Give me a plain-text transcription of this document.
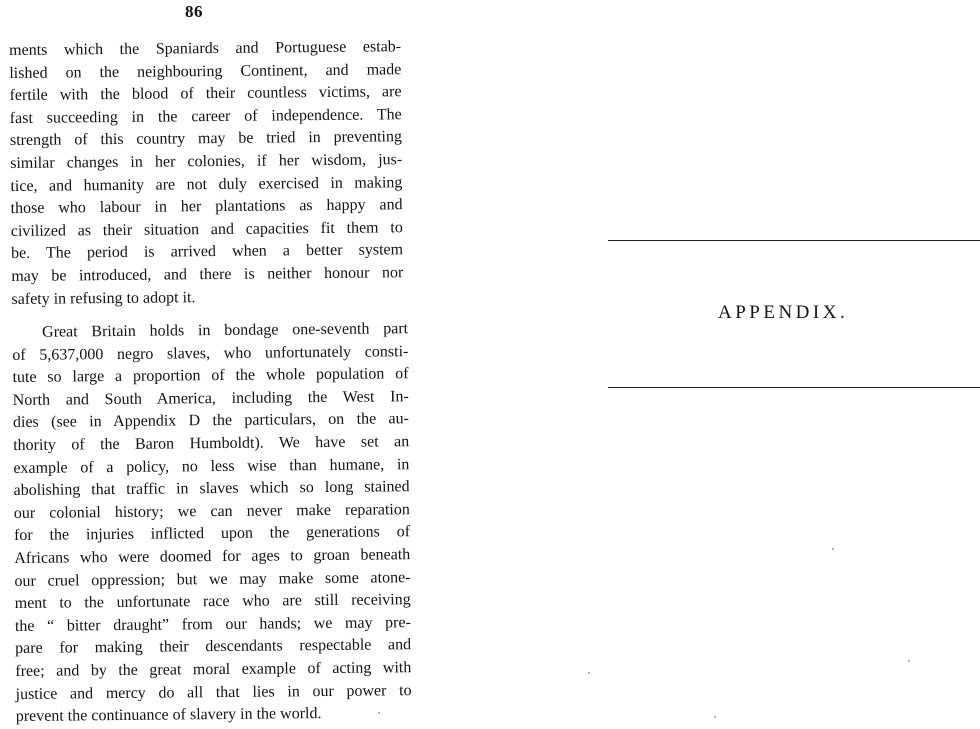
86
ments which the Spaniards and Portuguese estab-
lished on the neighbouring Continent, and made
fertile with the blood of their countless victims, are
fast succeeding in the career of independence. The
strength of this country may be tried in preventing
similar changes in her colonies, if her wisdom, jus-
tice, and humanity are not duly exercised in making
those who labour in her plantations as happy and
civilized as their situation and capacities fit them to
be. The period is arrived when a better system
may be introduced, and there is neither honour nor
safety in refusing to adopt it.
Great Britain holds in bondage one-seventh part
of 5,637,000 negro slaves, who unfortunately consti-
tute so large a proportion of the whole population of
North and South America, including the West In-
dies (see in Appendix D the particulars, on the au-
thority of the Baron Humboldt). We have set an
example of a policy, no less wise than humane, in
abolishing that traffic in slaves which so long stained
our colonial history; we can never make reparation
for the injuries inflicted upon the generations of
Africans who were doomed for ages to groan beneath
our cruel oppression; but we may make some atone-
ment to the unfortunate race who are still receiving
the “ bitter draught” from our hands; we may pre-
pare for making their descendants respectable and
free; and by the great moral example of acting with
justice and mercy do all that lies in our power to
prevent the continuance of slavery in the world.
APPENDIX.
